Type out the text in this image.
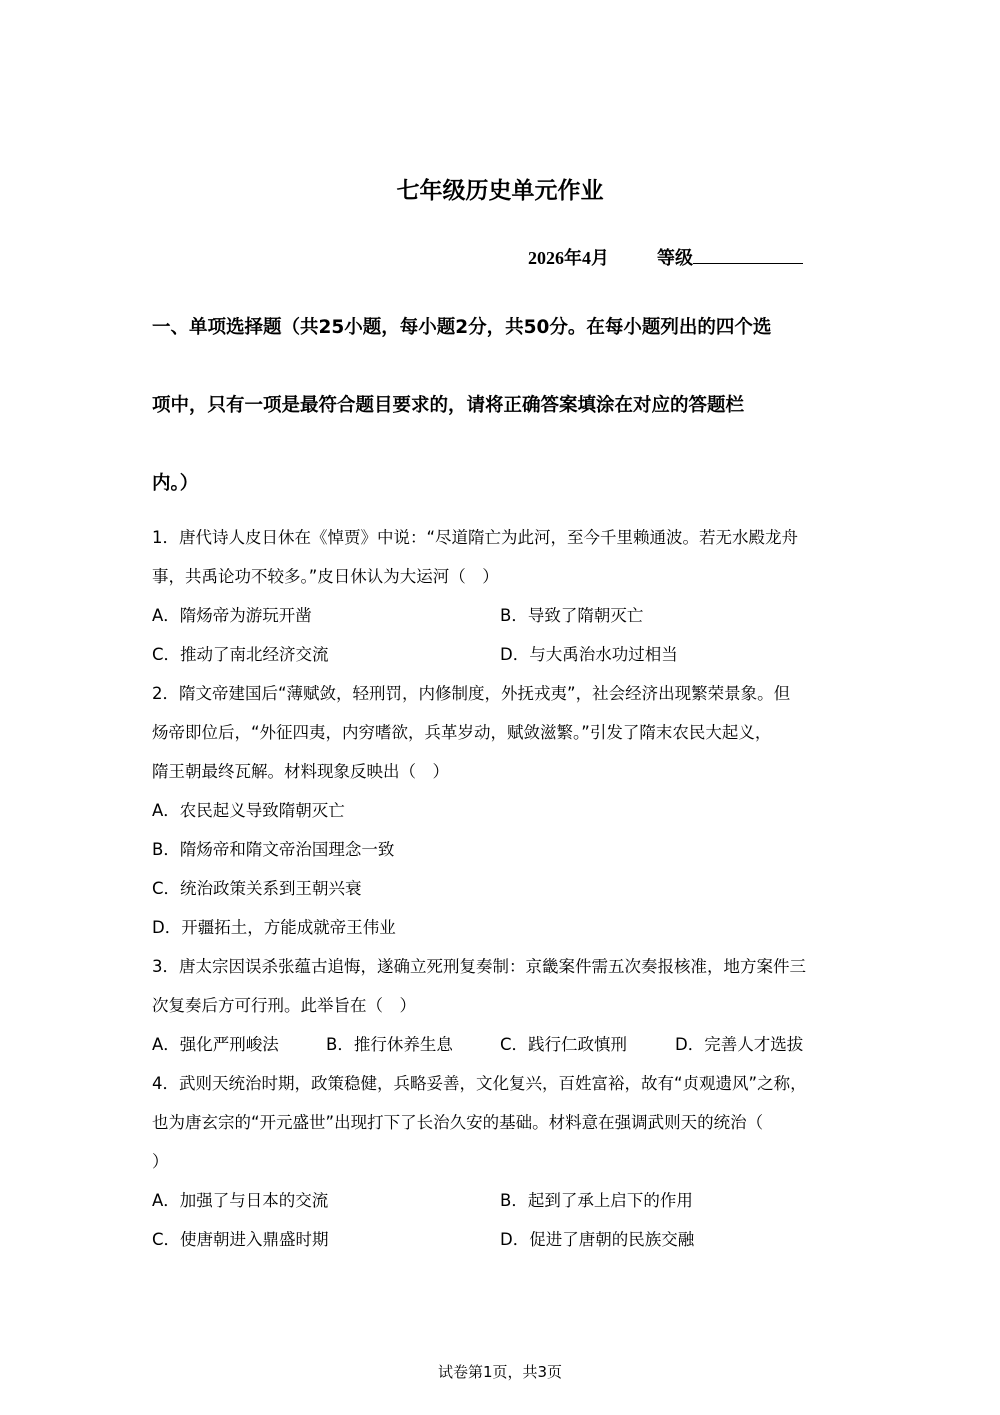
七年级历史单元作业
2026年4月	等级
一、单项选择题（共25小题，每小题2分，共50分。在每小题列出的四个选
项中，只有一项是最符合题目要求的，请将正确答案填涂在对应的答题栏
内。）
1．唐代诗人皮日休在《悼贾》中说：“尽道隋亡为此河，至今千里赖通波。若无水殿龙舟
事，共禹论功不较多。”皮日休认为大运河（　）
A．隋炀帝为游玩开凿	B．导致了隋朝灭亡
C．推动了南北经济交流	D．与大禹治水功过相当
2．隋文帝建国后“薄赋敛，轻刑罚，内修制度，外抚戎夷”，社会经济出现繁荣景象。但
炀帝即位后，“外征四夷，内穷嗜欲，兵革岁动，赋敛滋繁。”引发了隋末农民大起义，
隋王朝最终瓦解。材料现象反映出（　）
A．农民起义导致隋朝灭亡
B．隋炀帝和隋文帝治国理念一致
C．统治政策关系到王朝兴衰
D．开疆拓土，方能成就帝王伟业
3．唐太宗因误杀张蕴古追悔，遂确立死刑复奏制：京畿案件需五次奏报核准，地方案件三
次复奏后方可行刑。此举旨在（　）
A．强化严刑峻法	B．推行休养生息	C．践行仁政慎刑	D．完善人才选拔
4．武则天统治时期，政策稳健，兵略妥善，文化复兴，百姓富裕，故有“贞观遗风”之称，
也为唐玄宗的“开元盛世”出现打下了长治久安的基础。材料意在强调武则天的统治（
）
A．加强了与日本的交流	B．起到了承上启下的作用
C．使唐朝进入鼎盛时期	D．促进了唐朝的民族交融
试卷第1页，共3页
